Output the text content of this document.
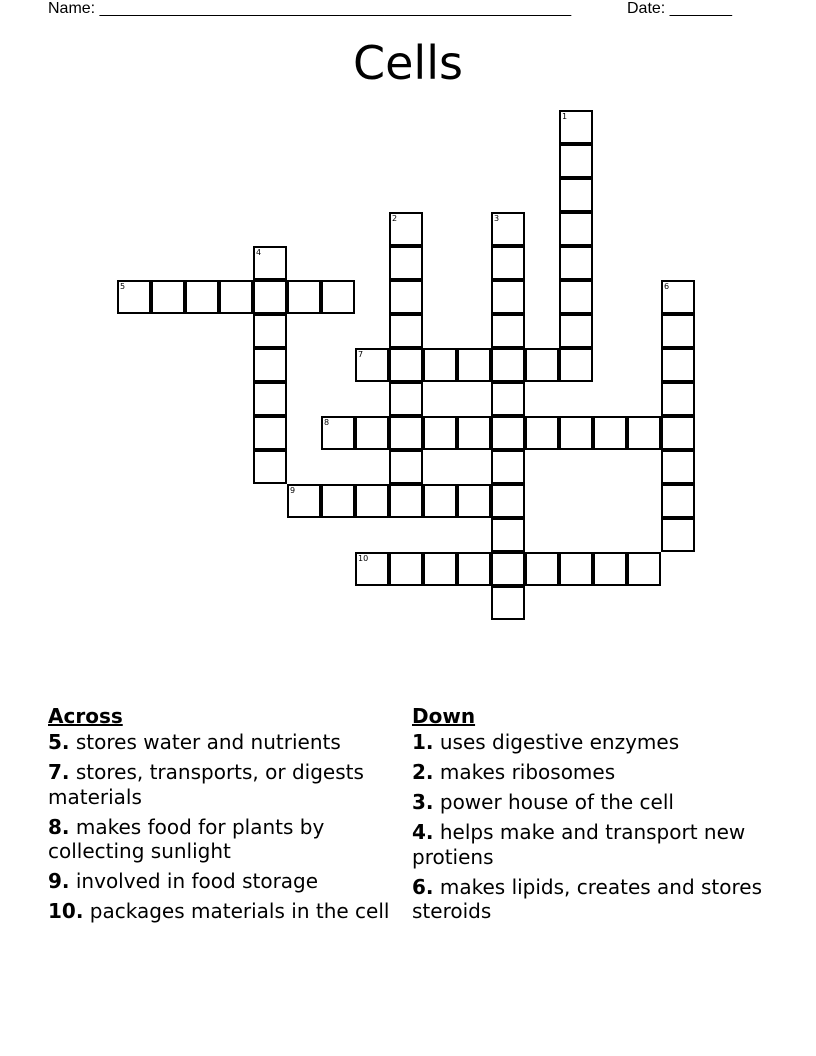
Name: _____________________________________________________	Date: _______
Cells
5
7
8
9
10
1
2	3
4
6
Across
5. stores water and nutrients
7. stores, transports, or digests materials
8. makes food for plants by collecting sunlight
9. involved in food storage
10. packages materials in the cell
Down
1. uses digestive enzymes
2. makes ribosomes
3. power house of the cell
4. helps make and transport new protiens
6. makes lipids, creates and stores steroids
